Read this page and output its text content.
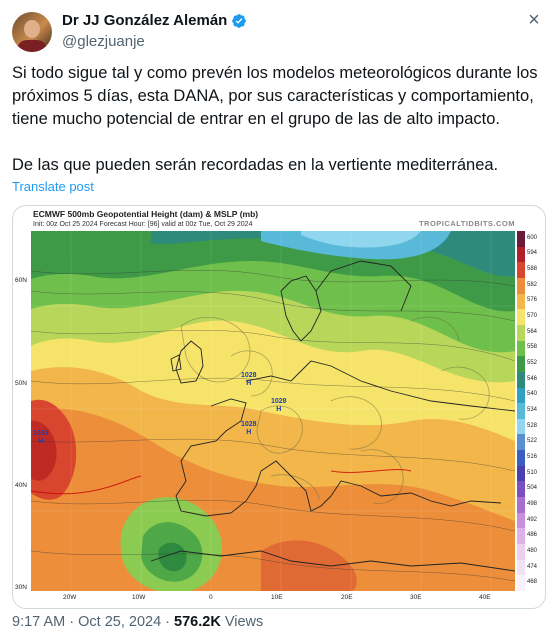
Dr JJ González Alemán
@glezjuanje
×

Si todo sigue tal y como prevén los modelos meteorológicos durante los próximos 5 días, esta DANA, por sus características y comportamiento, tiene mucho potencial de entrar en el grupo de las de alto impacto.

De las que pueden serán recordadas en la vertiente mediterránea.

Translate post
ECMWF 500mb Geopotential Height (dam) & MSLP (mb)
Init: 00z Oct 25 2024 Forecast Hour: [96] valid at 00z Tue, Oct 29 2024	TROPICALTIDBITS.COM
1033
H
1028
H
1028
H
1028
H
60N
50N
40N
30N
20W	10W	0	10E	20E	30E	40E
600
594
588
582
576
570
564
558
552
546
540
534
528
522
516
510
504
498
492
486
480
474
468
9:17 AM · Oct 25, 2024 · 576.2K Views
